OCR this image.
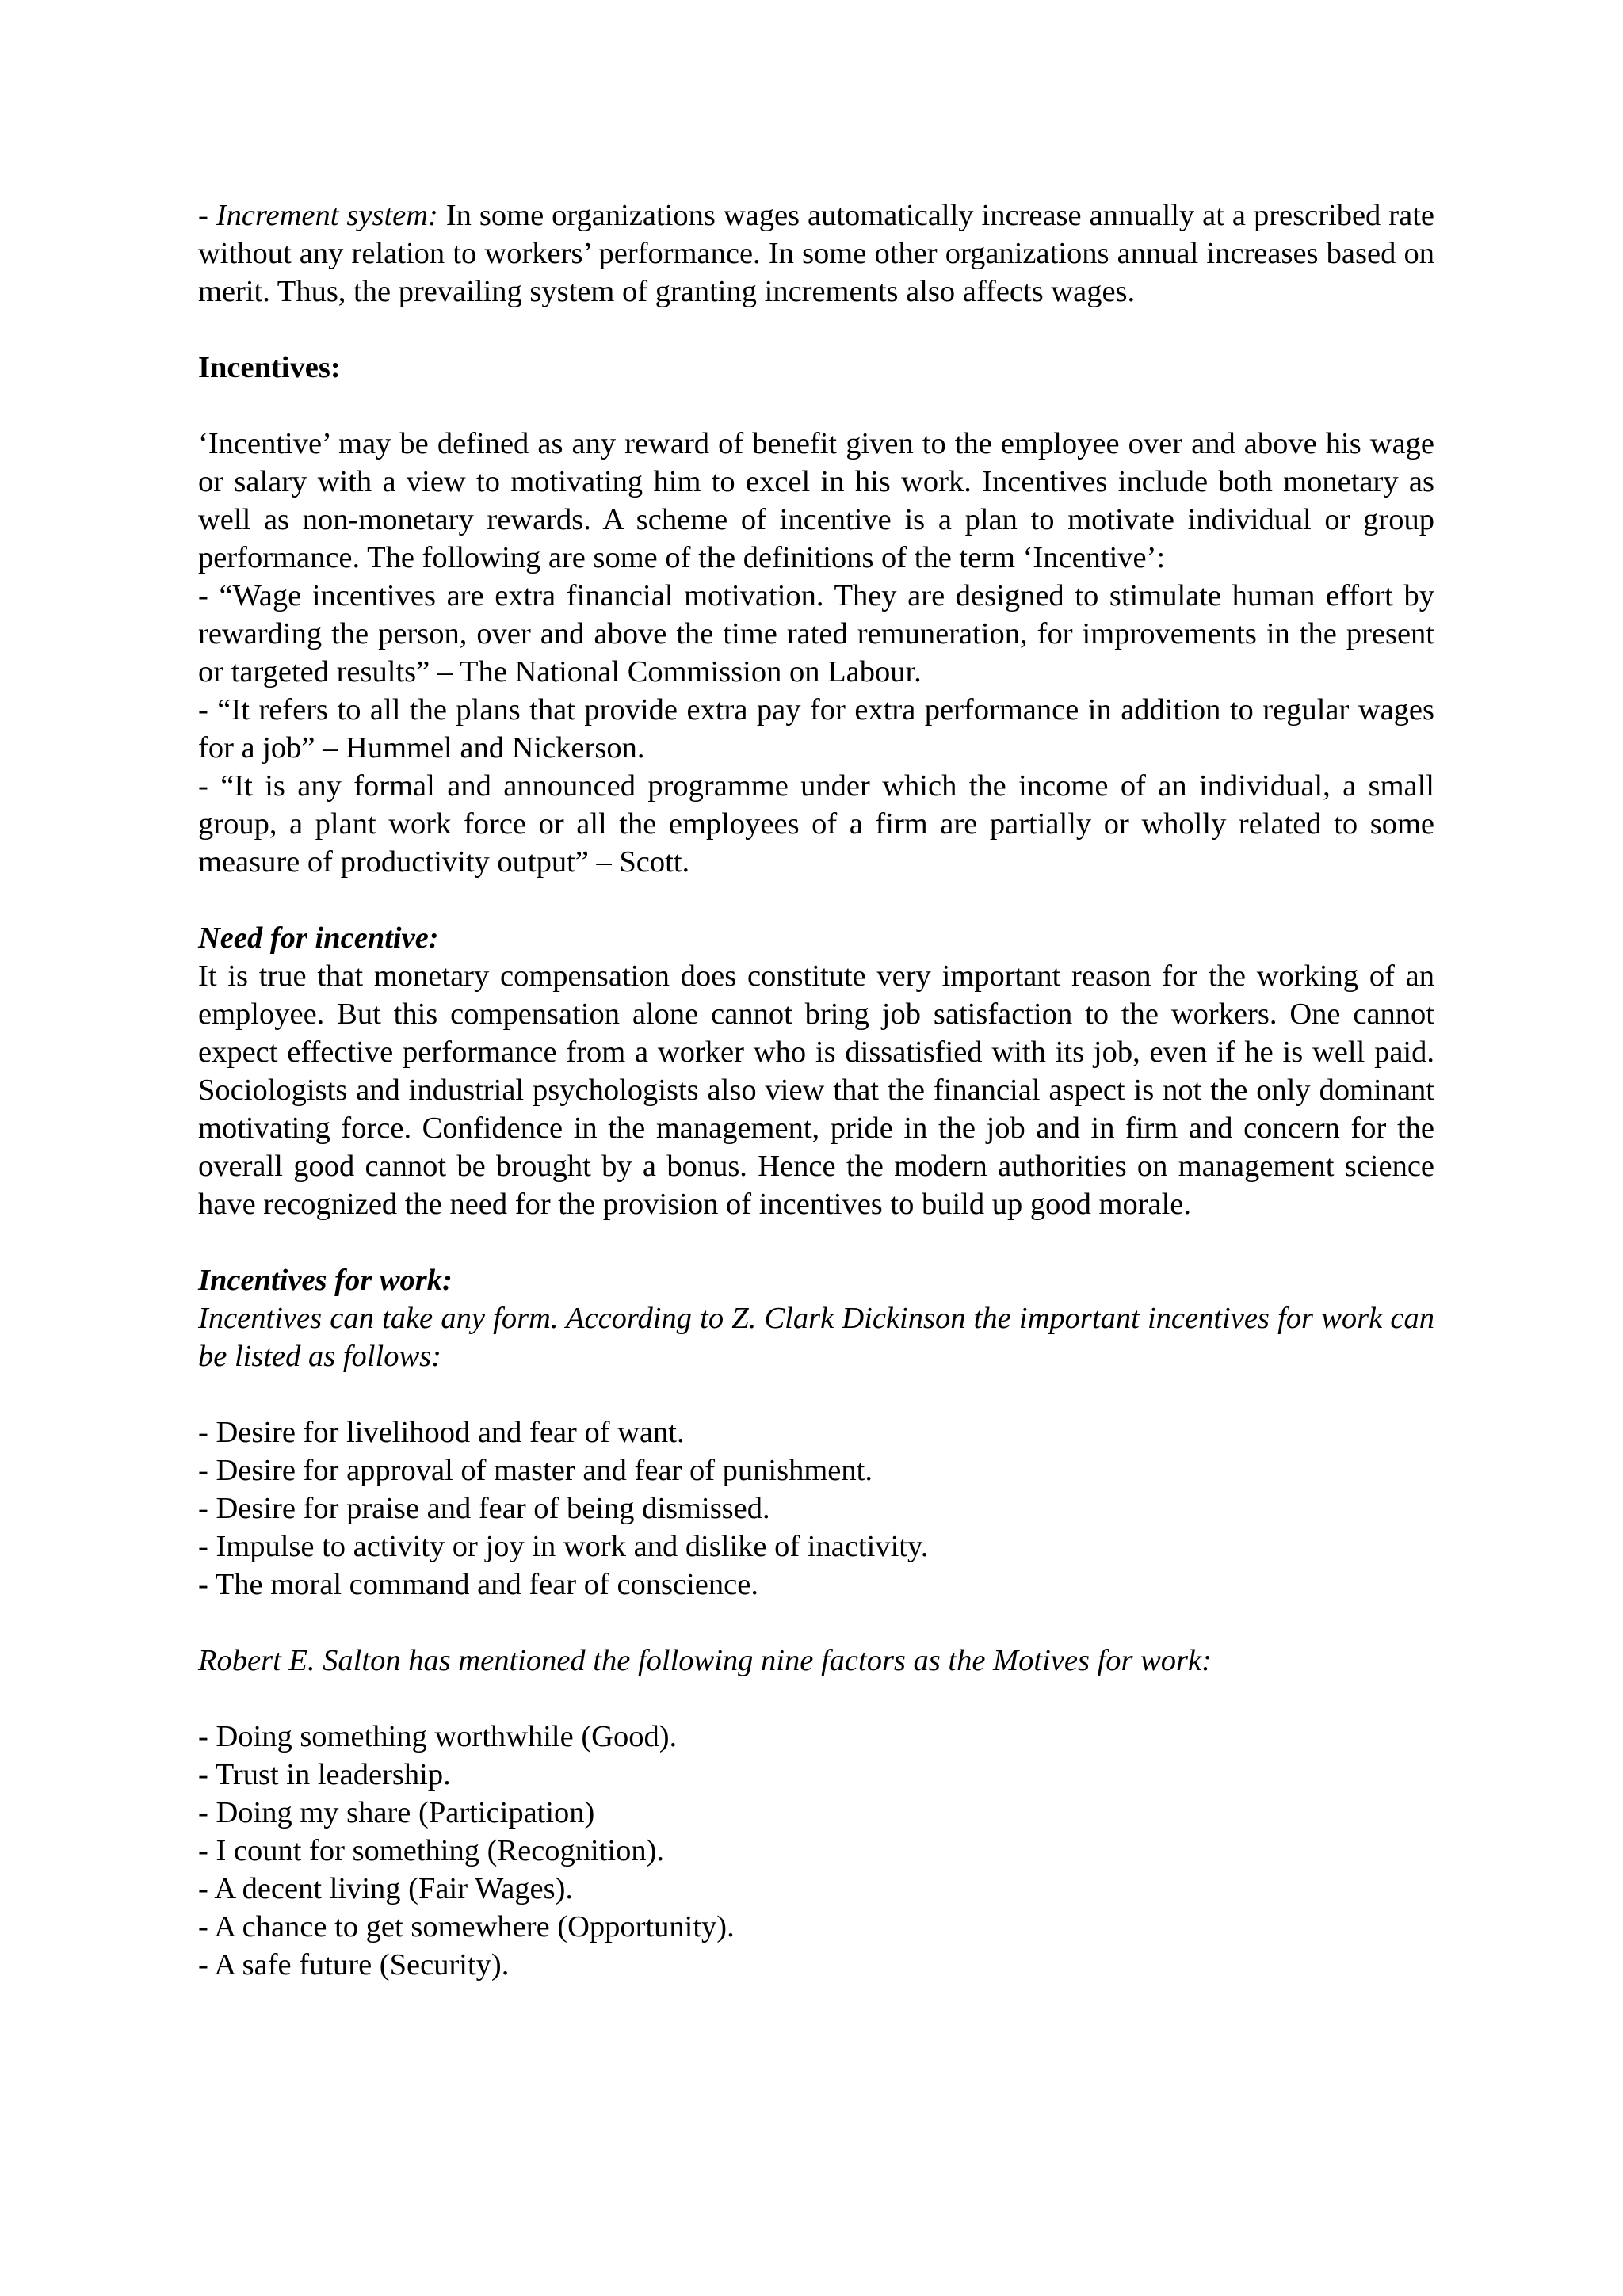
- Increment system: In some organizations wages automatically increase annually at a prescribed rate without any relation to workers’ performance. In some other organizations annual increases based on merit. Thus, the prevailing system of granting increments also affects wages.

Incentives:

‘Incentive’ may be defined as any reward of benefit given to the employee over and above his wage or salary with a view to motivating him to excel in his work. Incentives include both monetary as well as non-monetary rewards. A scheme of incentive is a plan to motivate individual or group performance. The following are some of the definitions of the term ‘Incentive’:

- “Wage incentives are extra financial motivation. They are designed to stimulate human effort by rewarding the person, over and above the time rated remuneration, for improvements in the present or targeted results” – The National Commission on Labour.

- “It refers to all the plans that provide extra pay for extra performance in addition to regular wages for a job” – Hummel and Nickerson.

- “It is any formal and announced programme under which the income of an individual, a small group, a plant work force or all the employees of a firm are partially or wholly related to some measure of productivity output” – Scott.

Need for incentive:

It is true that monetary compensation does constitute very important reason for the working of an employee. But this compensation alone cannot bring job satisfaction to the workers. One cannot expect effective performance from a worker who is dissatisfied with its job, even if he is well paid. Sociologists and industrial psychologists also view that the financial aspect is not the only dominant motivating force. Confidence in the management, pride in the job and in firm and concern for the overall good cannot be brought by a bonus. Hence the modern authorities on management science have recognized the need for the provision of incentives to build up good morale.

Incentives for work:

Incentives can take any form. According to Z. Clark Dickinson the important incentives for work can be listed as follows:

- Desire for livelihood and fear of want.

- Desire for approval of master and fear of punishment.

- Desire for praise and fear of being dismissed.

- Impulse to activity or joy in work and dislike of inactivity.

- The moral command and fear of conscience.

Robert E. Salton has mentioned the following nine factors as the Motives for work:

- Doing something worthwhile (Good).

- Trust in leadership.

- Doing my share (Participation)

- I count for something (Recognition).

- A decent living (Fair Wages).

- A chance to get somewhere (Opportunity).

- A safe future (Security).
